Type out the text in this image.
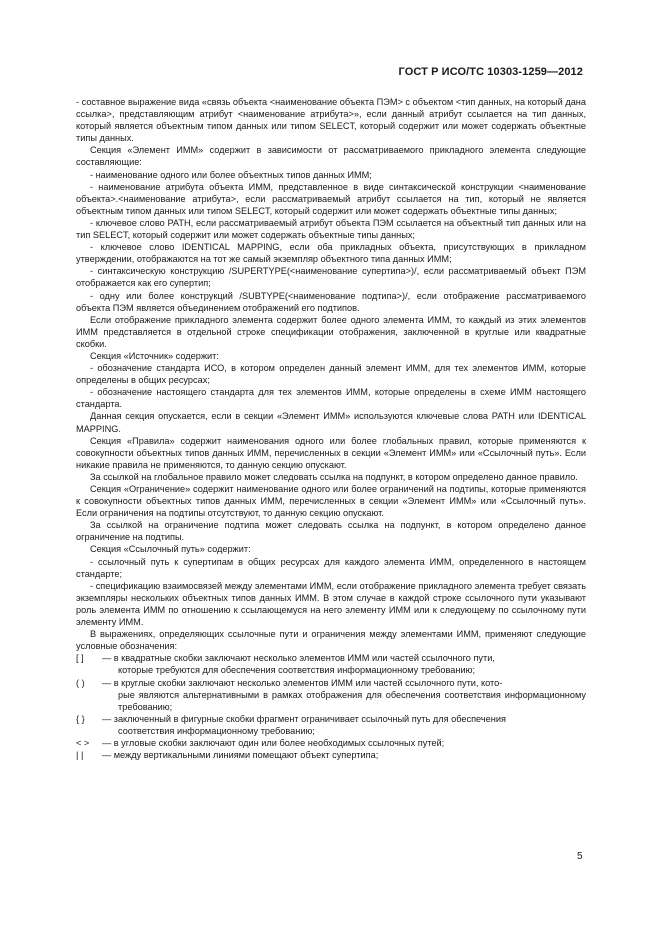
ГОСТ Р ИСО/ТС 10303-1259—2012

- составное выражение вида «связь объекта <наименование объекта ПЭМ> с объектом <тип данных, на который дана ссылка>, представляющим атрибут <наименование атрибута>», если данный атрибут ссылается на тип данных, который является объектным типом данных или типом SELECT, который содержит или может содержать объектные типы данных.

Секция «Элемент ИММ» содержит в зависимости от рассматриваемого прикладного элемента следующие составляющие:

- наименование одного или более объектных типов данных ИММ;

- наименование атрибута объекта ИММ, представленное в виде синтаксической конструкции <наименование объекта>.<наименование атрибута>, если рассматриваемый атрибут ссылается на тип, который не является объектным типом данных или типом SELECT, который содержит или может содержать объектные типы данных;

- ключевое слово PATH, если рассматриваемый атрибут объекта ПЭМ ссылается на объектный тип данных или на тип SELECT, который содержит или может содержать объектные типы данных;

- ключевое слово IDENTICAL MAPPING, если оба прикладных объекта, присутствующих в прикладном утверждении, отображаются на тот же самый экземпляр объектного типа данных ИММ;

- синтаксическую конструкцию /SUPERTYPE(<наименование супертипа>)/, если рассматриваемый объект ПЭМ отображается как его супертип;

- одну или более конструкций /SUBTYPE(<наименование подтипа>)/, если отображение рассматриваемого объекта ПЭМ является объединением отображений его подтипов.

Если отображение прикладного элемента содержит более одного элемента ИММ, то каждый из этих элементов ИММ представляется в отдельной строке спецификации отображения, заключенной в круглые или квадратные скобки.

Секция «Источник» содержит:

- обозначение стандарта ИСО, в котором определен данный элемент ИММ, для тех элементов ИММ, которые определены в общих ресурсах;

- обозначение настоящего стандарта для тех элементов ИММ, которые определены в схеме ИММ настоящего стандарта.

Данная секция опускается, если в секции «Элемент ИММ» используются ключевые слова PATH или IDENTICAL MAPPING.

Секция «Правила» содержит наименования одного или более глобальных правил, которые применяются к совокупности объектных типов данных ИММ, перечисленных в секции «Элемент ИММ» или «Ссылочный путь». Если никакие правила не применяются, то данную секцию опускают.

За ссылкой на глобальное правило может следовать ссылка на подпункт, в котором определено данное правило.

Секция «Ограничение» содержит наименование одного или более ограничений на подтипы, которые применяются к совокупности объектных типов данных ИММ, перечисленных в секции «Элемент ИММ» или «Ссылочный путь». Если ограничения на подтипы отсутствуют, то данную секцию опускают.

За ссылкой на ограничение подтипа может следовать ссылка на подпункт, в котором определено данное ограничение на подтипы.

Секция «Ссылочный путь» содержит:

- ссылочный путь к супертипам в общих ресурсах для каждого элемента ИММ, определенного в настоящем стандарте;

- спецификацию взаимосвязей между элементами ИММ, если отображение прикладного элемента требует связать экземпляры нескольких объектных типов данных ИММ. В этом случае в каждой строке ссылочного пути указывают роль элемента ИММ по отношению к ссылающемуся на него элементу ИММ или к следующему по ссылочному пути элементу ИММ.

В выражениях, определяющих ссылочные пути и ограничения между элементами ИММ, применяют следующие условные обозначения:

[ ]	— в квадратные скобки заключают несколько элементов ИММ или частей ссылочного пути,
которые требуются для обеспечения соответствия информационному требованию;
( )	— в круглые скобки заключают несколько элементов ИММ или частей ссылочного пути, кото-
рые являются альтернативными в рамках отображения для обеспечения соответствия информационному требованию;
{ }	— заключенный в фигурные скобки фрагмент ограничивает ссылочный путь для обеспечения
соответствия информационному требованию;
< >	— в угловые скобки заключают один или более необходимых ссылочных путей;
| |	— между вертикальными линиями помещают объект супертипа;
5
